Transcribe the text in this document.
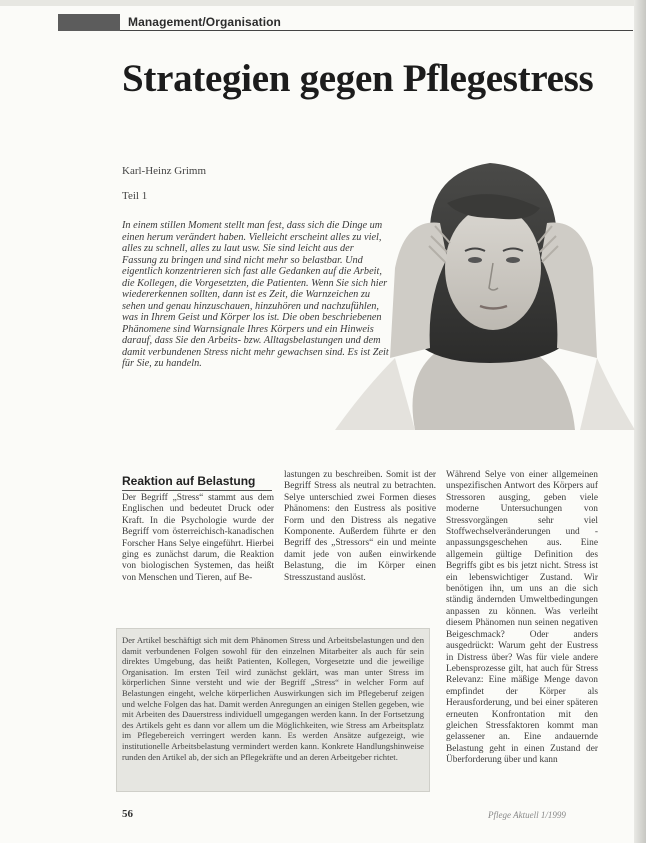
Management/Organisation
Strategien gegen Pflegestress
Karl-Heinz Grimm
Teil 1

In einem stillen Moment stellt man fest, dass sich die Dinge um einen herum verändert haben. Vielleicht erscheint alles zu viel, alles zu schnell, alles zu laut usw. Sie sind leicht aus der Fassung zu bringen und sind nicht mehr so belastbar. Und eigentlich konzentrieren sich fast alle Gedanken auf die Arbeit, die Kollegen, die Vorgesetzten, die Patienten. Wenn Sie sich hier wiedererkennen sollten, dann ist es Zeit, die Warnzeichen zu sehen und genau hinzuschauen, hinzuhören und nachzufühlen, was in Ihrem Geist und Körper los ist. Die oben beschriebenen Phänomene sind Warnsignale Ihres Körpers und ein Hinweis darauf, dass Sie den Arbeits- bzw. Alltagsbelastungen und dem damit verbundenen Stress nicht mehr gewachsen sind. Es ist Zeit für Sie, zu handeln.

Reaktion auf Belastung

Der Begriff „Stress“ stammt aus dem Englischen und bedeutet Druck oder Kraft. In die Psychologie wurde der Begriff vom österreichisch-kanadischen Forscher Hans Selye eingeführt. Hierbei ging es zunächst darum, die Reaktion von biologischen Systemen, das heißt von Menschen und Tieren, auf Be-

lastungen zu beschreiben. Somit ist der Begriff Stress als neutral zu betrachten. Selye unterschied zwei Formen dieses Phänomens: den Eustress als positive Form und den Distress als negative Komponente. Außerdem führte er den Begriff des „Stressors“ ein und meinte damit jede von außen einwirkende Belastung, die im Körper einen Stresszustand auslöst.

Während Selye von einer allgemeinen unspezifischen Antwort des Körpers auf Stressoren ausging, geben viele moderne Untersuchungen von Stressvorgängen sehr viel Stoffwechselveränderungen und -anpassungsgeschehen aus. Eine allgemein gültige Definition des Begriffs gibt es bis jetzt nicht. Stress ist ein lebenswichtiger Zustand. Wir benötigen ihn, um uns an die sich ständig ändernden Umweltbedingungen anpassen zu können. Was verleiht diesem Phänomen nun seinen negativen Beigeschmack? Oder anders ausgedrückt: Warum geht der Eustress in Distress über? Was für viele andere Lebensprozesse gilt, hat auch für Stress Relevanz: Eine mäßige Menge davon empfindet der Körper als Herausforderung, und bei einer späteren erneuten Konfrontation mit den gleichen Stressfaktoren kommt man gelassener an. Eine andauernde Belastung geht in einen Zustand der Überforderung über und kann

Der Artikel beschäftigt sich mit dem Phänomen Stress und Arbeitsbelastungen und den damit verbundenen Folgen sowohl für den einzelnen Mitarbeiter als auch für sein direktes Umgebung, das heißt Patienten, Kollegen, Vorgesetzte und die jeweilige Organisation. Im ersten Teil wird zunächst geklärt, was man unter Stress im körperlichen Sinne versteht und wie der Begriff „Stress“ in welcher Form auf Belastungen eingeht, welche körperlichen Auswirkungen sich im Pflegeberuf zeigen und welche Folgen das hat. Damit werden Anregungen an einigen Stellen gegeben, wie mit Arbeiten des Dauerstress individuell umgegangen werden kann. In der Fortsetzung des Artikels geht es dann vor allem um die Möglichkeiten, wie Stress am Arbeitsplatz im Pflegebereich verringert werden kann. Es werden Ansätze aufgezeigt, wie institutionelle Arbeitsbelastung vermindert werden kann. Konkrete Handlungshinweise runden den Artikel ab, der sich an Pflegekräfte und an deren Arbeitgeber richtet.

56	Pflege Aktuell 1/1999
